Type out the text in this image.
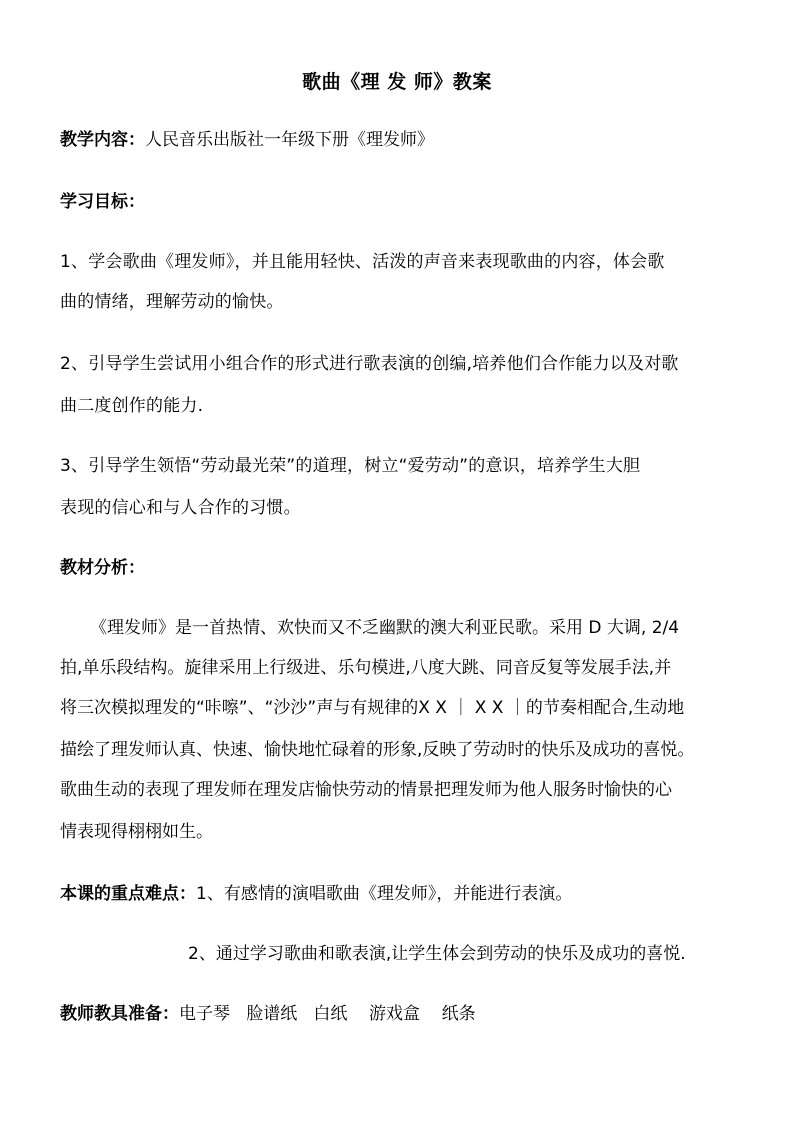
歌曲《理 发 师》教案
教学内容：人民音乐出版社一年级下册《理发师》
学习目标：
1、学会歌曲《理发师》，并且能用轻快、活泼的声音来表现歌曲的内容，体会歌
曲的情绪，理解劳动的愉快。
2、引导学生尝试用小组合作的形式进行歌表演的创编,培养他们合作能力以及对歌
曲二度创作的能力.
3、引导学生领悟“劳动最光荣”的道理，树立“爱劳动”的意识，培养学生大胆
表现的信心和与人合作的习惯。
教材分析：
《理发师》是一首热情、欢快而又不乏幽默的澳大利亚民歌。采用 D 大调, 2/4
拍,单乐段结构。旋律采用上行级进、乐句模进,八度大跳、同音反复等发展手法,并
将三次模拟理发的“咔嚓”、“沙沙”声与有规律的X X ｜ X X ｜的节奏相配合,生动地
描绘了理发师认真、快速、愉快地忙碌着的形象,反映了劳动时的快乐及成功的喜悦。
歌曲生动的表现了理发师在理发店愉快劳动的情景把理发师为他人服务时愉快的心
情表现得栩栩如生。
本课的重点难点：1、有感情的演唱歌曲《理发师》，并能进行表演。
2、通过学习歌曲和歌表演,让学生体会到劳动的快乐及成功的喜悦.
教师教具准备：电子琴   脸谱纸   白纸    游戏盒    纸条
